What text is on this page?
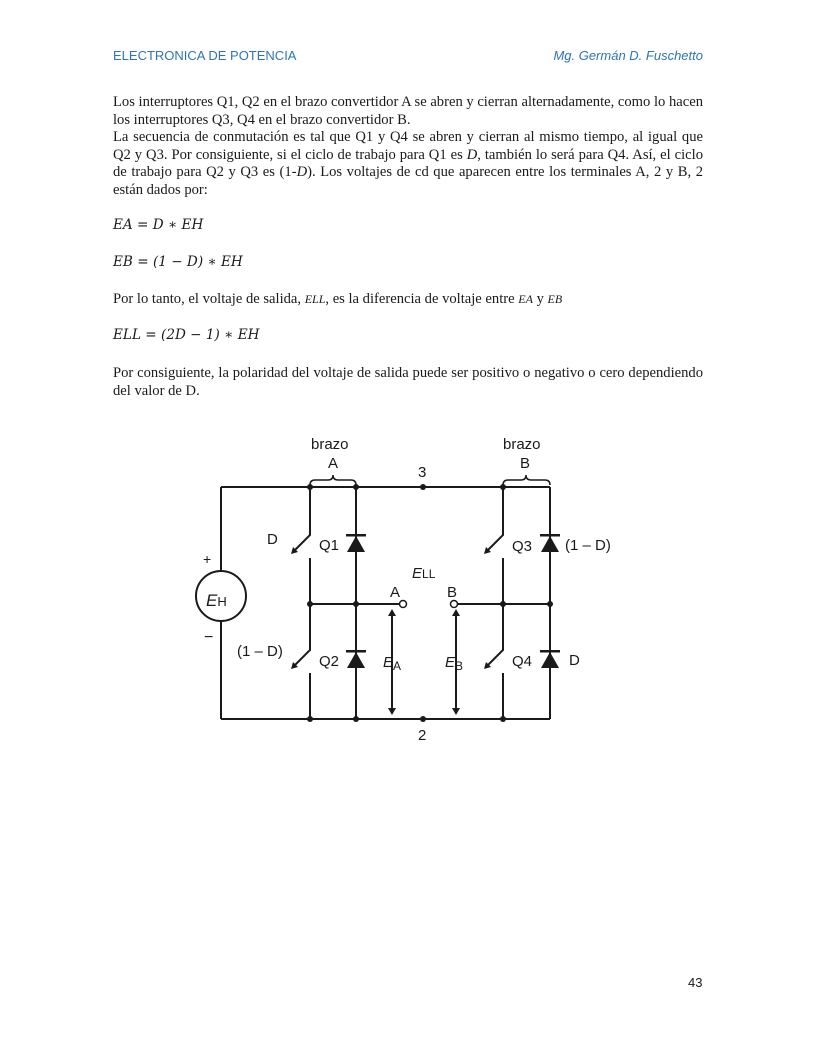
ELECTRONICA DE POTENCIA	Mg. Germán D. Fuschetto

Los interruptores Q1, Q2 en el brazo convertidor A se abren y cierran alternadamente, como lo hacen los interruptores Q3, Q4 en el brazo convertidor B.

La secuencia de conmutación es tal que Q1 y Q4 se abren y cierran al mismo tiempo, al igual que Q2 y Q3. Por consiguiente, si el ciclo de trabajo para Q1 es D, también lo será para Q4. Así, el ciclo de trabajo para Q2 y Q3 es (1-D). Los voltajes de cd que aparecen entre los terminales A, 2 y B, 2 están dados por:

EA = D ∗ EH

EB = (1 − D) ∗ EH

Por lo tanto, el voltaje de salida, ELL, es la diferencia de voltaje entre EA y EB

ELL = (2D − 1) ∗ EH

Por consiguiente, la polaridad del voltaje de salida puede ser positivo o negativo o cero dependiendo del valor de D.

EH
+
−
brazo
A
brazo
B
3
2
D	Q1
(1 – D)
Q2
Q3 (1 – D)
Q4 D
A	B
ELL
$E_A$	$E_B$
43
